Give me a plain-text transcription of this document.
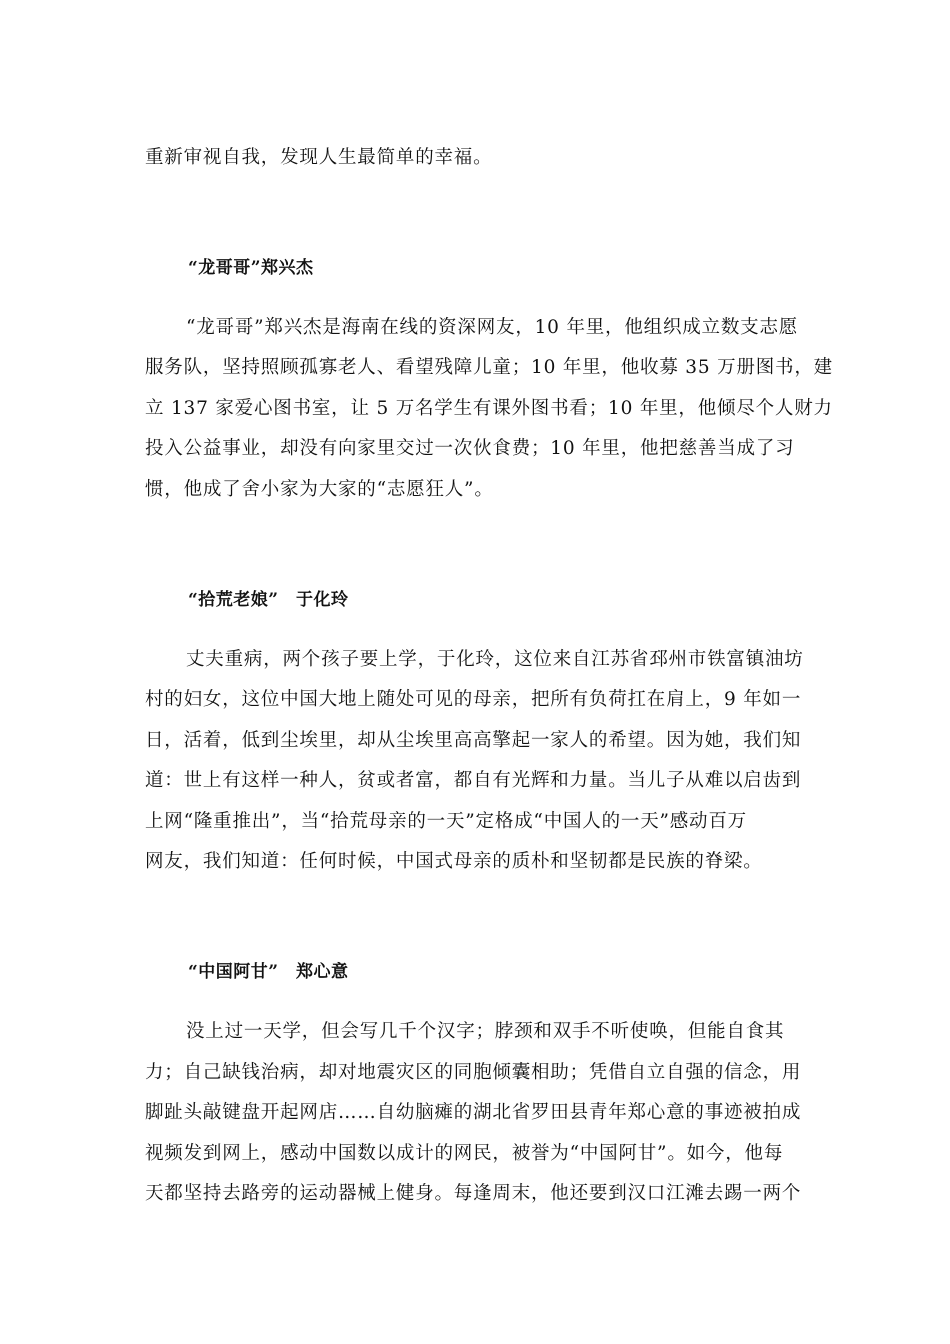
重新审视自我，发现人生最简单的幸福。
“龙哥哥”郑兴杰
“龙哥哥”郑兴杰是海南在线的资深网友，10 年里，他组织成立数支志愿
服务队，坚持照顾孤寡老人、看望残障儿童；10 年里，他收募 35 万册图书，建
立 137 家爱心图书室，让 5 万名学生有课外图书看；10 年里，他倾尽个人财力
投入公益事业，却没有向家里交过一次伙食费；10 年里，他把慈善当成了习
惯，他成了舍小家为大家的“志愿狂人”。
“拾荒老娘”　于化玲
丈夫重病，两个孩子要上学，于化玲，这位来自江苏省邳州市铁富镇油坊
村的妇女，这位中国大地上随处可见的母亲，把所有负荷扛在肩上，9 年如一
日，活着，低到尘埃里，却从尘埃里高高擎起一家人的希望。因为她，我们知
道：世上有这样一种人，贫或者富，都自有光辉和力量。当儿子从难以启齿到
上网“隆重推出”，当“拾荒母亲的一天”定格成“中国人的一天”感动百万
网友，我们知道：任何时候，中国式母亲的质朴和坚韧都是民族的脊梁。
“中国阿甘”　郑心意
没上过一天学，但会写几千个汉字；脖颈和双手不听使唤，但能自食其
力；自己缺钱治病，却对地震灾区的同胞倾囊相助；凭借自立自强的信念，用
脚趾头敲键盘开起网店……自幼脑瘫的湖北省罗田县青年郑心意的事迹被拍成
视频发到网上，感动中国数以成计的网民，被誉为“中国阿甘”。如今，他每
天都坚持去路旁的运动器械上健身。每逢周末，他还要到汉口江滩去踢一两个
